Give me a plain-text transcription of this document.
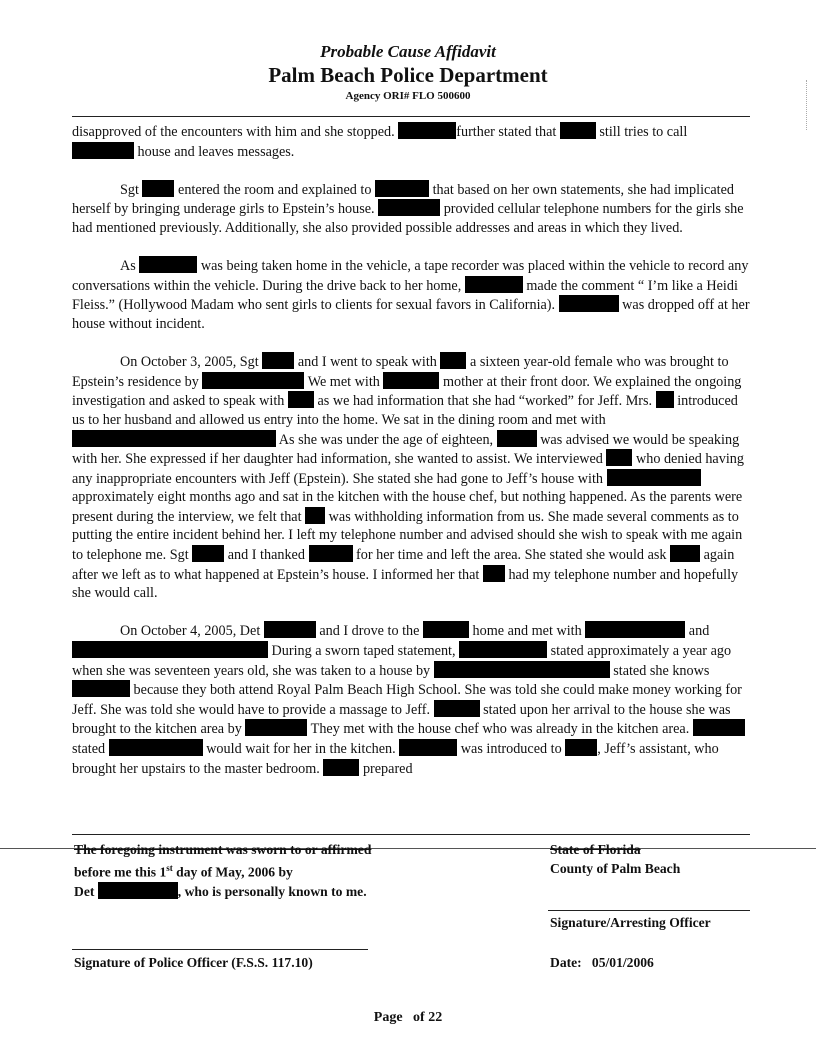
Probable Cause Affidavit
Palm Beach Police Department
Agency ORI# FLO 500600

disapproved of the encounters with him and she stopped.	further stated that	still tries to call  house and leaves messages.

Sgt  entered the room and explained to	that based on her own statements, she had implicated herself by bringing underage girls to Epstein’s house.	provided cellular telephone numbers for the girls she had mentioned previously. Additionally, she also provided possible addresses and areas in which they lived.

As	was being taken home in the vehicle, a tape recorder was placed within the vehicle to record any conversations within the vehicle. During the drive back to her home,	made the comment “ I’m like a Heidi Fleiss.” (Hollywood Madam who sent girls to clients for sexual favors in California).	was dropped off at her house without incident.

On October 3, 2005, Sgt  and I went to speak with  a sixteen year-old female who was brought to Epstein’s residence by	We met with	mother at their front door. We explained the ongoing investigation and asked to speak with  as we had information that she had “worked” for Jeff. Mrs.  introduced us to her husband and allowed us entry into the home. We sat in the dining room and met with  As she was under the age of eighteen,	was advised we would be speaking with her. She expressed if her daughter had information, she wanted to assist. We interviewed  who denied having any inappropriate encounters with Jeff (Epstein). She stated she had gone to Jeff’s house with  approximately eight months ago and sat in the kitchen with the house chef, but nothing happened. As the parents were present during the interview, we felt that  was withholding information from us. She made several comments as to putting the entire incident behind her. I left my telephone number and advised should she wish to speak with me again to telephone me. Sgt  and I thanked	for her time and left the area. She stated she would ask  again after we left as to what happened at Epstein’s house. I informed her that  had my telephone number and hopefully she would call.

On October 4, 2005, Det	and I drove to the	home and met with	and  During a sworn taped statement,	stated approximately a year ago when she was seventeen years old, she was taken to a house by	stated she knows  because they both attend Royal Palm Beach High School. She was told she could make money working for Jeff. She was told she would have to provide a massage to Jeff.	stated upon her arrival to the house she was brought to the kitchen area by	They met with the house chef who was already in the kitchen area.  stated	would wait for her in the kitchen.	was introduced to , Jeff’s assistant, who brought her upstairs to the master bedroom.	prepared

The foregoing instrument was sworn to or affirmed
before me this 1st day of May, 2006 by
Det	, who is personally known to me.
State of Florida
County of Palm Beach
Signature/Arresting Officer
Signature of Police Officer (F.S.S. 117.10)	Date: 05/01/2006
Page of 22
